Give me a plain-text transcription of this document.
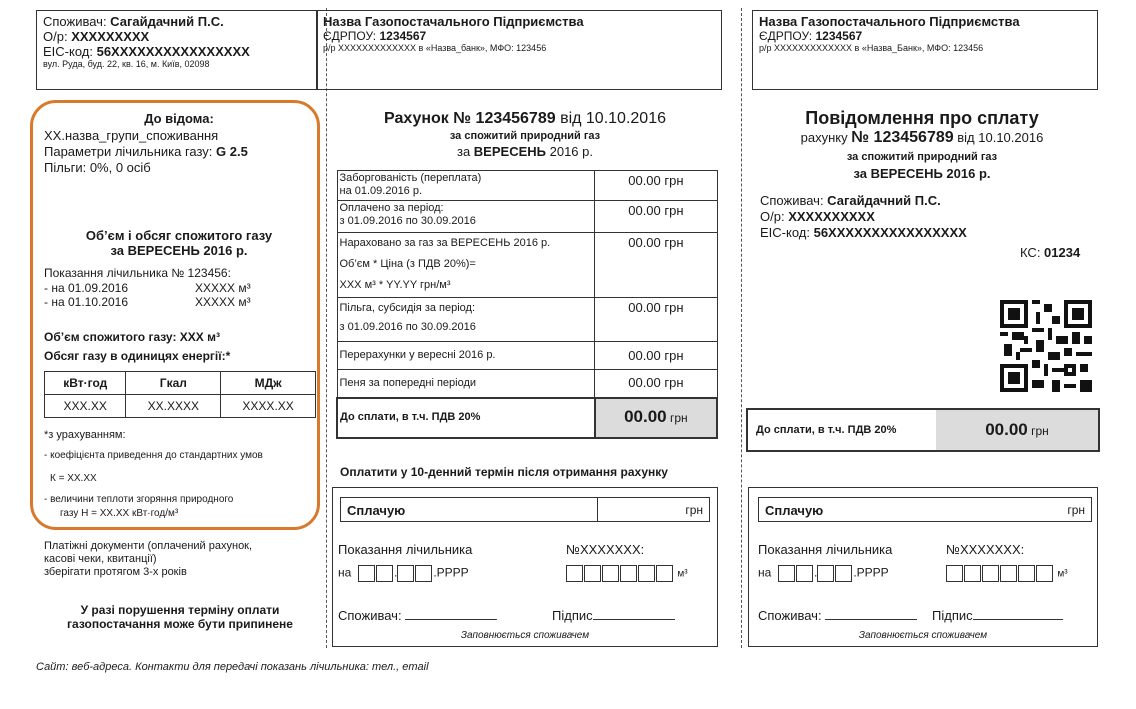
Споживач: Сагайдачний П.С.
О/р: XXXXXXXXX
ЕІС-код: 56XXXXXXXXXXXXXXXX
вул. Руда, буд. 22, кв. 16, м. Київ, 02098
До відома:
XX.назва_групи_споживання
Параметри лічильника газу: G 2.5
Пільги: 0%, 0 осіб
Об’єм і обсяг спожитого газу
за ВЕРЕСЕНЬ 2016 р.
Показання лічильника № 123456:
- на 01.09.2016	XXXXX м³
- на 01.10.2016	XXXXX м³
Об’єм спожитого газу: XXX м³
Обсяг газу в одиницях енергії:*
кВт·год	Гкал	МДж
XXX.XX	XX.XXXX	XXXX.XX
*з урахуванням:
- коефіцієнта приведення до стандартних умов
К = XX.XX
- величини теплоти згоряння природного
газу Н = XX.XX кВт·год/м³
Платіжні документи (оплачений рахунок,
касові чеки, квитанції)
зберігати протягом 3-х років
У разі порушення терміну оплати
газопостачання може бути припинене
Назва Газопостачального Підприємства
ЄДРПОУ: 1234567
р/р XXXXXXXXXXXXX в «Назва_банк», МФО: 123456
Рахунок № 123456789 від 10.10.2016
за спожитий природний газ
за ВЕРЕСЕНЬ 2016 р.
Заборгованість (переплата)
на 01.09.2016 р.	00.00 грн

Оплачено за період:
з 01.09.2016 по 30.09.2016	00.00 грн

Нараховано за газ за ВЕРЕСЕНЬ 2016 р.
Об’єм * Ціна (з ПДВ 20%)=
XXX м³ * YY.YY грн/м³	00.00 грн

Пільга, субсидія за період:
з 01.09.2016 по 30.09.2016	00.00 грн

Перерахунки у вересні 2016 р.	00.00 грн

Пеня за попередні періоди	00.00 грн
До сплати, в т.ч. ПДВ 20%	00.00 грн
Оплатити у 10-денний термін після отримання рахунку
Сплачую	грн
Показання лічильника	№XXXXXXX:
на	.	.РРРР	м³
Споживач:	Підпис
Заповнюється споживачем
Назва Газопостачального Підприємства
ЄДРПОУ: 1234567
р/р XXXXXXXXXXXXX в «Назва_Банк», МФО: 123456
Повідомлення про сплату
рахунку № 123456789 від 10.10.2016
за спожитий природний газ
за ВЕРЕСЕНЬ 2016 р.
Споживач: Сагайдачний П.С.
О/р: XXXXXXXXXX
ЕІС-код: 56XXXXXXXXXXXXXXXX
КС: 01234
До сплати, в т.ч. ПДВ 20%	00.00 грн
Сплачую	грн
Показання лічильника	№XXXXXXX:
на	.	.РРРР	м³
Споживач:	Підпис
Заповнюється споживачем
Сайт: веб-адреса. Контакти для передачі показань лічильника: тел., email
